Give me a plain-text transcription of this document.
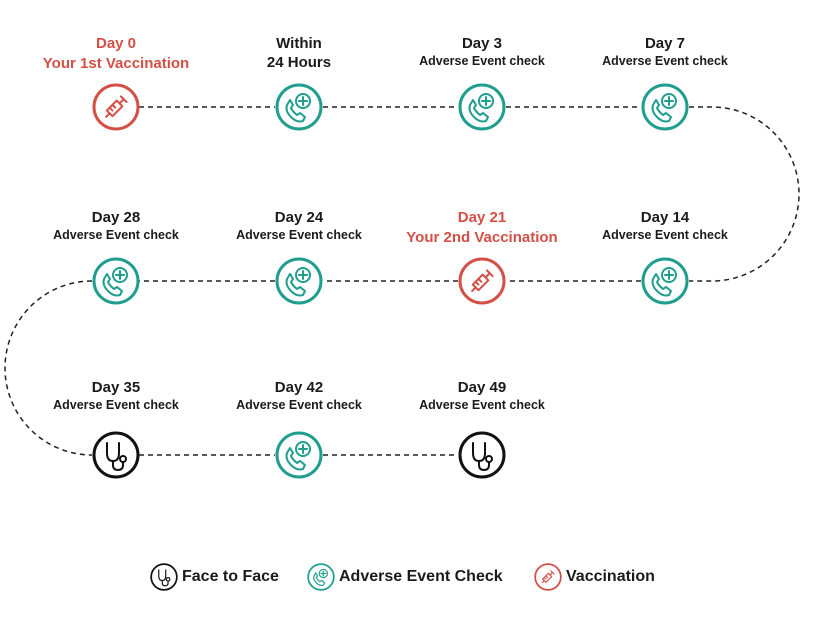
Day 0
Your 1st Vaccination
Within
24 Hours
Day 3
Adverse Event check
Day 7
Adverse Event check
Day 28
Adverse Event check
Day 24
Adverse Event check
Day 21
Your 2nd Vaccination
Day 14
Adverse Event check
Day 35
Adverse Event check
Day 42
Adverse Event check
Day 49
Adverse Event check
Face to Face	Adverse Event Check	Vaccination
